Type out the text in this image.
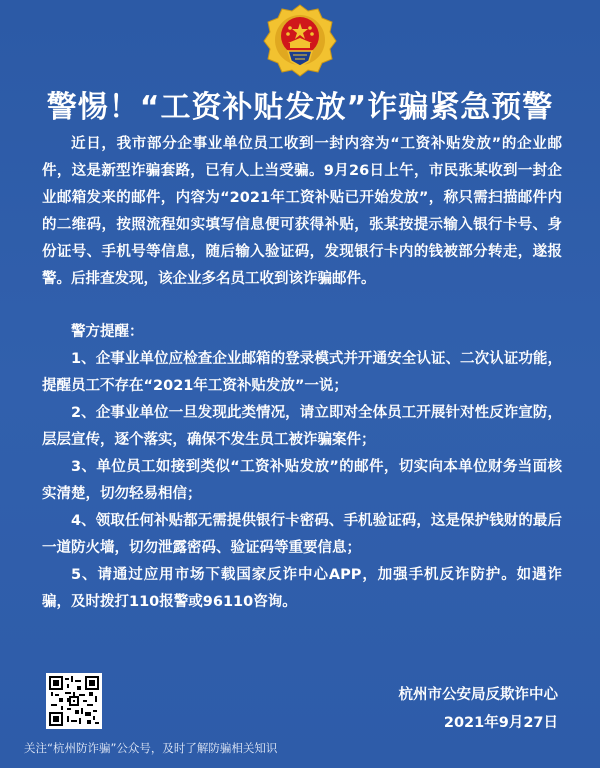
警惕！“工资补贴发放”诈骗紧急预警

近日，我市部分企事业单位员工收到一封内容为“工资补贴发放”的企业邮件，这是新型诈骗套路，已有人上当受骗。9月26日上午，市民张某收到一封企业邮箱发来的邮件，内容为“2021年工资补贴已开始发放”，称只需扫描邮件内的二维码，按照流程如实填写信息便可获得补贴，张某按提示输入银行卡号、身份证号、手机号等信息，随后输入验证码，发现银行卡内的钱被部分转走，遂报警。后排查发现，该企业多名员工收到该诈骗邮件。

警方提醒：

1、企事业单位应检查企业邮箱的登录模式并开通安全认证、二次认证功能，提醒员工不存在“2021年工资补贴发放”一说；

2、企事业单位一旦发现此类情况，请立即对全体员工开展针对性反诈宣防，层层宣传，逐个落实，确保不发生员工被诈骗案件；

3、单位员工如接到类似“工资补贴发放”的邮件，切实向本单位财务当面核实清楚，切勿轻易相信；

4、领取任何补贴都无需提供银行卡密码、手机验证码，这是保护钱财的最后一道防火墙，切勿泄露密码、验证码等重要信息；

5、请通过应用市场下载国家反诈中心APP，加强手机反诈防护。如遇诈骗，及时拨打110报警或96110咨询。

杭州市公安局反欺诈中心
2021年9月27日
关注“杭州防诈骗”公众号，及时了解防骗相关知识
